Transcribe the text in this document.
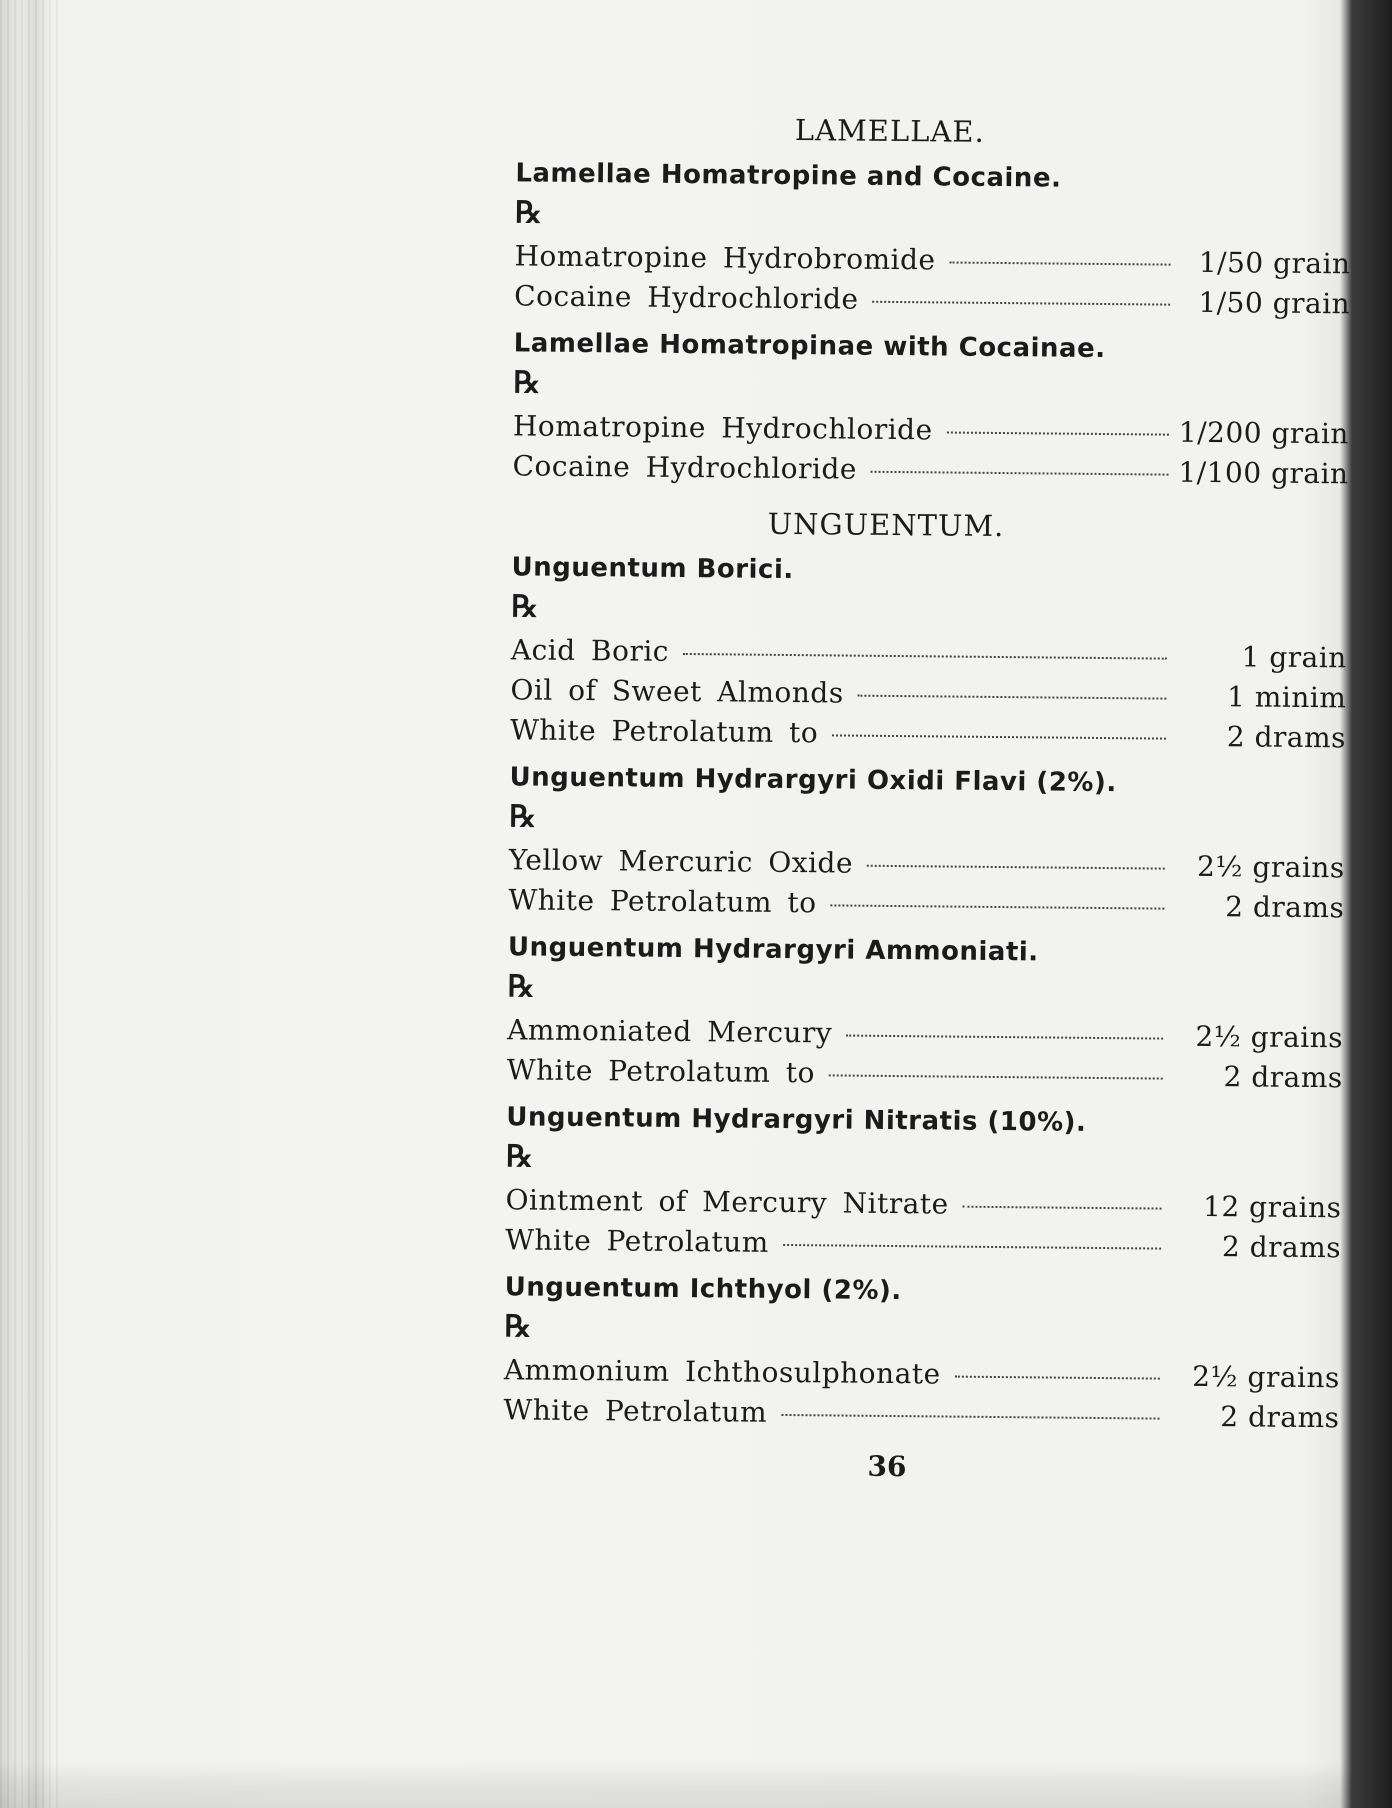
LAMELLAE.
Lamellae Homatropine and Cocaine.
℞
Homatropine Hydrobromide	1/50 grain
Cocaine Hydrochloride	1/50 grain
Lamellae Homatropinae with Cocainae.
℞
Homatropine Hydrochloride	1/200 grain
Cocaine Hydrochloride	1/100 grain
UNGUENTUM.
Unguentum Borici.
℞
Acid Boric	1 grain
Oil of Sweet Almonds	1 minim
White Petrolatum to	2 drams
Unguentum Hydrargyri Oxidi Flavi (2%).
℞
Yellow Mercuric Oxide	2½ grains
White Petrolatum to	2 drams
Unguentum Hydrargyri Ammoniati.
℞
Ammoniated Mercury	2½ grains
White Petrolatum to	2 drams
Unguentum Hydrargyri Nitratis (10%).
℞
Ointment of Mercury Nitrate	12 grains
White Petrolatum	2 drams
Unguentum Ichthyol (2%).
℞
Ammonium Ichthosulphonate	2½ grains
White Petrolatum	2 drams
36
